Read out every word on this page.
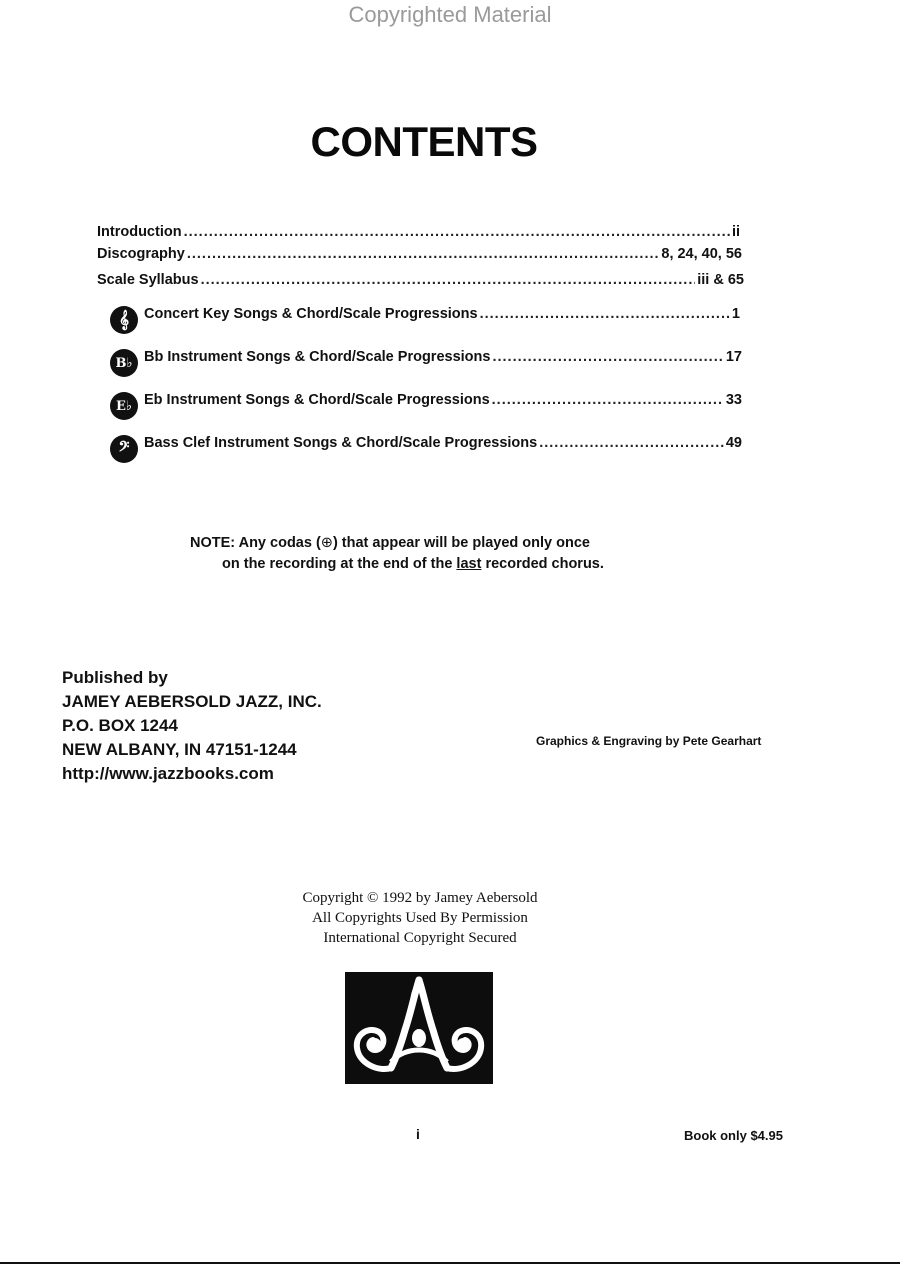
Copyrighted Material
CONTENTS
Introduction .....	ii
Discography .....	8, 24, 40, 56
Scale Syllabus .....	iii & 65
𝄞	Concert Key Songs & Chord/Scale Progressions .....	1
B♭ Bb Instrument Songs & Chord/Scale Progressions .....	17
E♭ Eb Instrument Songs & Chord/Scale Progressions .....	33
𝄢	Bass Clef Instrument Songs & Chord/Scale Progressions .....	49
NOTE: Any codas (⊕) that appear will be played only once
on the recording at the end of the last recorded chorus.
Published by
JAMEY AEBERSOLD JAZZ, INC.
P.O. BOX 1244
NEW ALBANY, IN 47151-1244
http://www.jazzbooks.com
Graphics & Engraving by Pete Gearhart
Copyright © 1992 by Jamey Aebersold
All Copyrights Used By Permission
International Copyright Secured
i	Book only $4.95
